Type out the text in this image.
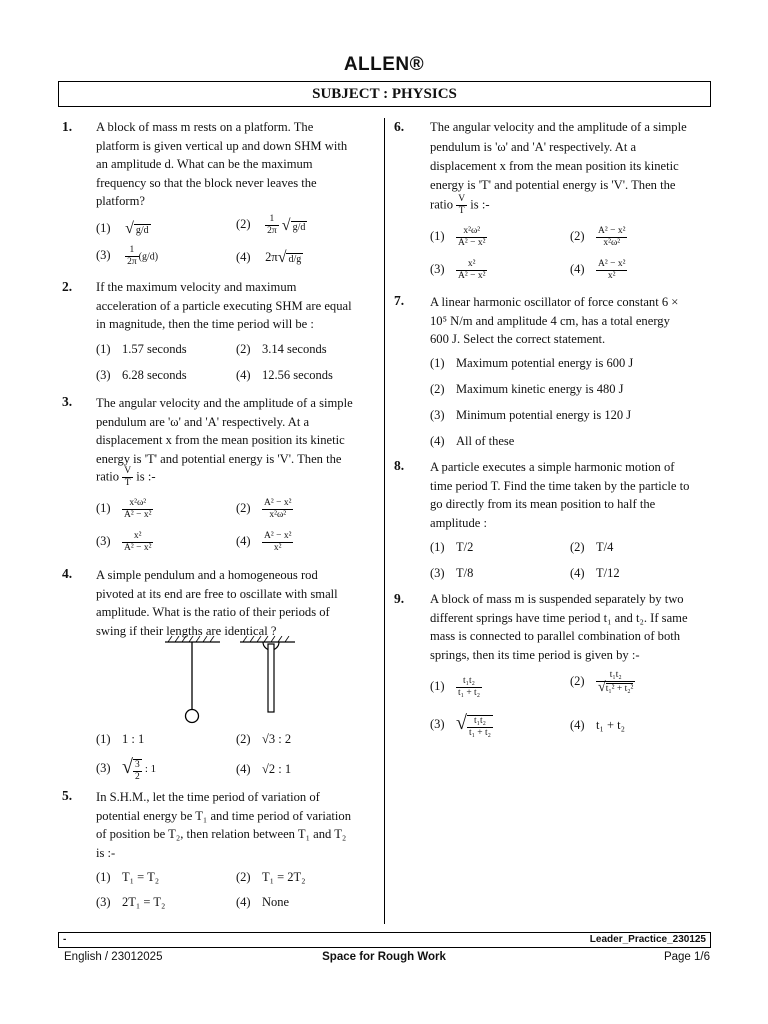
ALLEN®
SUBJECT : PHYSICS
1. A block of mass m rests on a platform. The
platform is given vertical up and down SHM with
an amplitude d. What can be the maximum
frequency so that the block never leaves the
platform?
(1) √ g/d	$(2) \frac{1}{2\pi}$ √ g/d
$(3) \frac{1}{2\pi} (g/d)$	(4) 2π√ d/g
2. If the maximum velocity and maximum
acceleration of a particle executing SHM are equal
in magnitude, then the time period will be :
(1) 1.57 seconds	(2) 3.14 seconds
(3) 6.28 seconds	(4) 12.56 seconds
3. The angular velocity and the amplitude of a simple
pendulum are 'ω' and 'A' respectively. At a
displacement x from the mean position its kinetic
energy is 'T' and potential energy is 'V'. Then the
ratio $\frac{V}{T}$ is :-
$(1) \frac{\text{x²ω²}}{\text{A² − x²}}$	$(2) \frac{\text{A² − x²}}{\text{x²ω²}}$
$(3) \frac{\text{x²}}{\text{A² − x²}}$	$(4) \frac{\text{A² − x²}}{\text{x²}}$
4. A simple pendulum and a homogeneous rod
pivoted at its end are free to oscillate with small
amplitude. What is the ratio of their periods of
swing if their lengths are identical ?
(1) 1 : 1	(2) √3 : 2
(3) √ $\frac{3}{2}$ : 1	(4) √2 : 1
5. In S.H.M., let the time period of variation of
potential energy be T₁ and time period of variation
of position be T₂, then relation between T₁ and T₂
is :-
(1) T₁ = T₂	(2) T₁ = 2T₂
(3) 2T₁ = T₂	(4) None
6. The angular velocity and the amplitude of a simple
pendulum is 'ω' and 'A' respectively. At a
displacement x from the mean position its kinetic
energy is 'T' and potential energy is 'V'. Then the
ratio $\frac{V}{T}$ is :-
$(1) \frac{\text{x²ω²}}{\text{A² − x²}}$	$(2) \frac{\text{A² − x²}}{\text{x²ω²}}$
$(3) \frac{\text{x²}}{\text{A² − x²}}$	$(4) \frac{\text{A² − x²}}{\text{x²}}$
7. A linear harmonic oscillator of force constant 6 ×
10⁵ N/m and amplitude 4 cm, has a total energy
600 J. Select the correct statement.
(1) Maximum potential energy is 600 J
(2) Maximum kinetic energy is 480 J
(3) Minimum potential energy is 120 J
(4) All of these
8. A particle executes a simple harmonic motion of
time period T. Find the time taken by the particle to
go directly from its mean position to half the
amplitude :
(1) T/2	(2) T/4
(3) T/8	(4) T/12
9. A block of mass m is suspended separately by two
different springs have time period t₁ and t₂. If same
mass is connected to parallel combination of both
springs, then its time period is given by :-
$(1) \frac{\text{t₁t₂}}{\text{t₁ + t₂}}$	$(2) \frac{\text{t₁t₂}}{\text{√t₁² + t₂²}}$
(3) √ $\frac{\text{t₁t₂}}{\text{t₁ + t₂}}$	(4) t₁ + t₂
-	Leader_Practice_230125
English / 23012025	Space for Rough Work	Page 1/6
